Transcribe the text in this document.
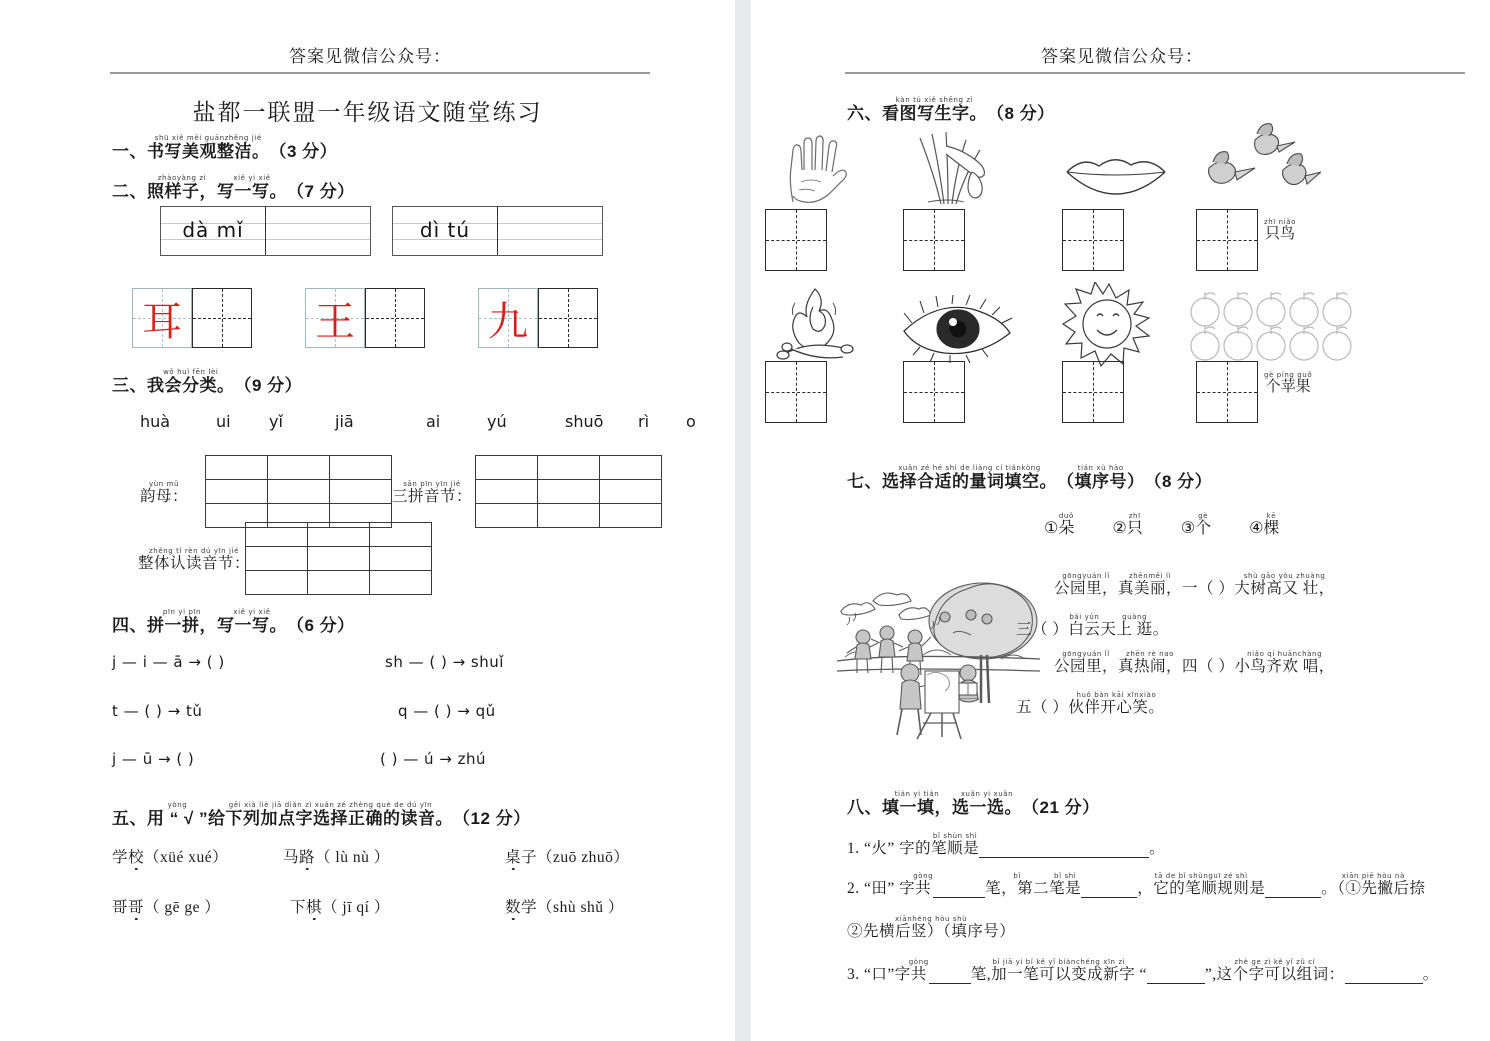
答案见微信公众号：
盐都一联盟一年级语文随堂练习
一、书写美观整洁。shū xiě měi guānzhěng jié（3 分）
二、照样子，zhàoyàng zi写一写。xiě yi xiě（7 分）
dà mǐ	dì tú
耳	王	九
三、我会分类。wǒ huì fēn lèi（9 分）
huà	ui	yǐ	jiā	ai	yú	shuō	rì	o

韵母：yùn mǔ

三拼音节：sān pīn yīn jié

整体认读音节：zhěng tǐ rèn dú yīn jié
四、拼一拼，pīn yi pīn写一写。xiě yi xiě（6 分）
j — i — ā → ( )	sh — ( ) → shuǐ
t — ( ) → tǔ	q — ( ) → qǔ
j — ū → ( )	( ) — ú → zhú
五、用 “ √ ”yòng给下列加点字选择正确的读音。gěi xià liè jiā diǎn zì xuǎn zé zhèng què de dú yīn（12 分）
学校（xüé xué）	马路（ lù nù ）	桌子（zuō zhuō）
哥哥（ gē ge ）	下棋（ jī qí ）	数学（shù shǔ ）
答案见微信公众号：
六、看图写生字。kàn tú xiě shēng zì（8 分）
只鸟zhī niǎo
个苹果gè píng guǒ
七、选择合适的量词填空。xuǎn zé hé shì de liàng cí tiánkòng（填序号）tián xù hào（8 分）
①朵duǒ
②只zhī
③个gè
④棵kē
公园里，gōngyuán lǐ真美丽，zhēnměi lì一（ ）大树高又 壮，shù gāo yòu zhuàng
三（ ）白云bái yún天上 逛。guàng
公园里，gōngyuán lǐ真热闹，zhēn rè nao四（ ）小鸟齐欢 唱，niǎo qí huānchàng
五（ ）伙伴开心笑。huǒ bàn kāi xīnxiào
八、填一填，tián yi tián选一选。xuǎn yi xuǎn（21 分）
1. “火” 字的笔顺是bǐ shùn shì。
2. “田” 字共gòng笔，第二bǐ笔是bǐ shì，它的笔顺规则是tā de bǐ shùnguī zé shì。（①先撇后捺xiān piē hòu nà
②先横后竖）（填序号）xiānhéng hòu shù
3. “口”字共gòng笔,加一笔可以变成新字 “bǐ jiā yi bǐ kě yǐ biànchéng xīn zì”,这个字可以组词：zhè ge zì kě yǐ zǔ cí。
